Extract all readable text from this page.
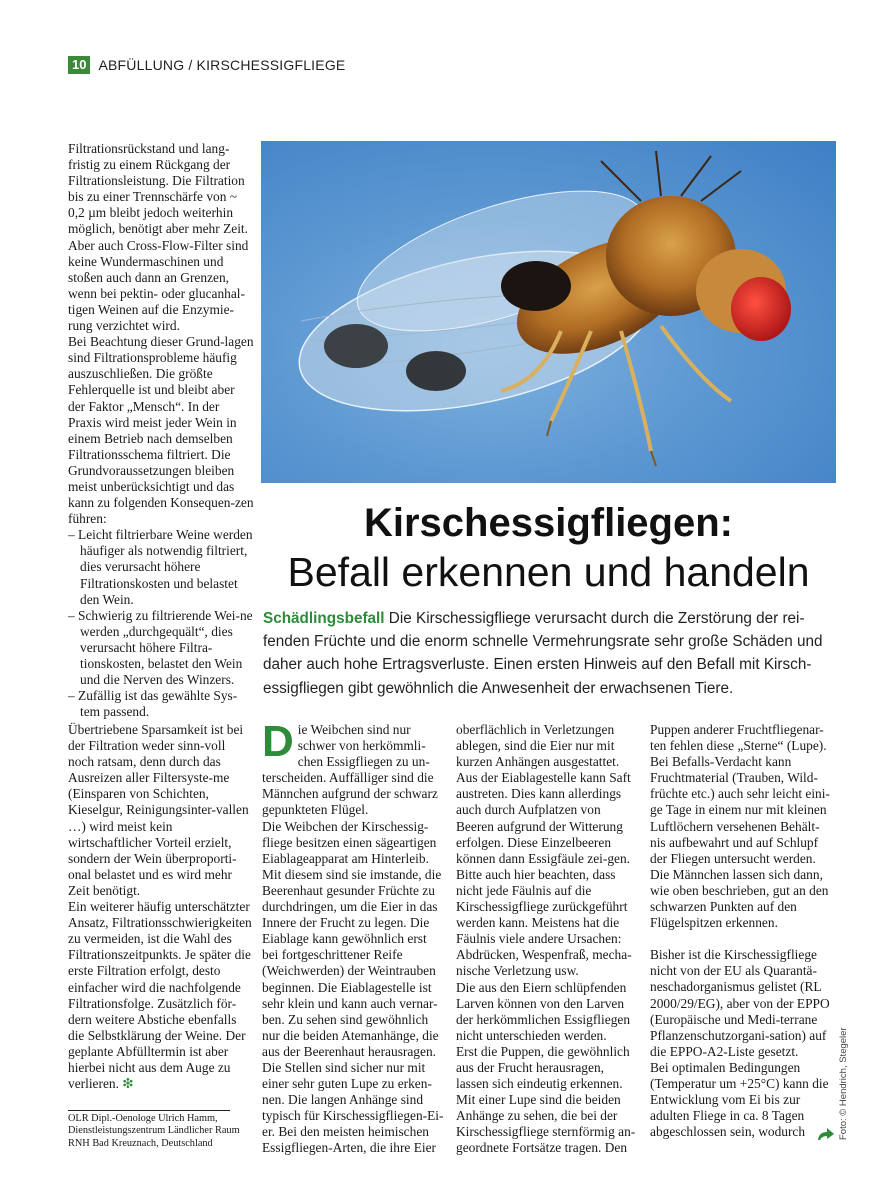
10 ABFÜLLUNG / KIRSCHESSIGFLIEGE

Filtrationsrückstand und lang-fristig zu einem Rückgang der Filtrationsleistung. Die Filtration bis zu einer Trennschärfe von ~ 0,2 µm bleibt jedoch weiterhin möglich, benötigt aber mehr Zeit. Aber auch Cross-Flow-Filter sind keine Wundermaschinen und stoßen auch dann an Grenzen, wenn bei pektin- oder glucanhal-tigen Weinen auf die Enzymie-rung verzichtet wird.

Bei Beachtung dieser Grund-lagen sind Filtrationsprobleme häufig auszuschließen. Die größte Fehlerquelle ist und bleibt aber der Faktor „Mensch“. In der Praxis wird meist jeder Wein in einem Betrieb nach demselben Filtrationsschema filtriert. Die Grundvoraussetzungen bleiben meist unberücksichtigt und das kann zu folgenden Konsequen-zen führen:

– Leicht filtrierbare Weine werden häufiger als notwendig filtriert, dies verursacht höhere Filtrationskosten und belastet den Wein.

– Schwierig zu filtrierende Wei-ne werden „durchgequält“, dies verursacht höhere Filtra-tionskosten, belastet den Wein und die Nerven des Winzers.

– Zufällig ist das gewählte Sys-tem passend.

Übertriebene Sparsamkeit ist bei der Filtration weder sinn-voll noch ratsam, denn durch das Ausreizen aller Filtersyste-me (Einsparen von Schichten, Kieselgur, Reinigungsinter-vallen …) wird meist kein wirtschaftlicher Vorteil erzielt, sondern der Wein überproporti-onal belastet und es wird mehr Zeit benötigt.

Ein weiterer häufig unterschätzter Ansatz, Filtrationsschwierigkeiten zu vermeiden, ist die Wahl des Filtrationszeitpunkts. Je später die erste Filtration erfolgt, desto einfacher wird die nachfolgende Filtrationsfolge. Zusätzlich för-dern weitere Abstiche ebenfalls die Selbstklärung der Weine. Der geplante Abfülltermin ist aber hierbei nicht aus dem Auge zu verlieren. ❇

OLR Dipl.-Oenologe Ulrich Hamm, Dienstleistungszentrum Ländlicher Raum RNH Bad Kreuznach, Deutschland
Kirschessigfliegen:
Befall erkennen und handeln
Schädlingsbefall Die Kirschessigfliege verursacht durch die Zerstörung der rei-fenden Früchte und die enorm schnelle Vermehrungsrate sehr große Schäden und daher auch hohe Ertragsverluste. Einen ersten Hinweis auf den Befall mit Kirsch-essigfliegen gibt gewöhnlich die Anwesenheit der erwachsenen Tiere.

Die Weibchen sind nur schwer von herkömmli-chen Essigfliegen zu un-terscheiden. Auffälliger sind die Männchen aufgrund der schwarz gepunkteten Flügel.

Die Weibchen der Kirschessig-fliege besitzen einen sägeartigen Eiablageapparat am Hinterleib. Mit diesem sind sie imstande, die Beerenhaut gesunder Früchte zu durchdringen, um die Eier in das Innere der Frucht zu legen. Die Eiablage kann gewöhnlich erst bei fortgeschrittener Reife (Weichwerden) der Weintrauben beginnen. Die Eiablagestelle ist sehr klein und kann auch vernar-ben. Zu sehen sind gewöhnlich nur die beiden Atemanhänge, die aus der Beerenhaut herausragen. Die Stellen sind sicher nur mit einer sehr guten Lupe zu erken-nen. Die langen Anhänge sind typisch für Kirschessigfliegen-Ei-er. Bei den meisten heimischen Essigfliegen-Arten, die ihre Eier

oberflächlich in Verletzungen ablegen, sind die Eier nur mit kurzen Anhängen ausgestattet. Aus der Eiablagestelle kann Saft austreten. Dies kann allerdings auch durch Aufplatzen von Beeren aufgrund der Witterung erfolgen. Diese Einzelbeeren können dann Essigfäule zei-gen. Bitte auch hier beachten, dass nicht jede Fäulnis auf die Kirschessigfliege zurückgeführt werden kann. Meistens hat die Fäulnis viele andere Ursachen: Abdrücken, Wespenfraß, mecha-nische Verletzung usw.

Die aus den Eiern schlüpfenden Larven können von den Larven der herkömmlichen Essigfliegen nicht unterschieden werden.

Erst die Puppen, die gewöhnlich aus der Frucht herausragen, lassen sich eindeutig erkennen. Mit einer Lupe sind die beiden Anhänge zu sehen, die bei der Kirschessigfliege sternförmig an-geordnete Fortsätze tragen. Den

Puppen anderer Fruchtfliegenar-ten fehlen diese „Sterne“ (Lupe). Bei Befalls-Verdacht kann Fruchtmaterial (Trauben, Wild-früchte etc.) auch sehr leicht eini-ge Tage in einem nur mit kleinen Luftlöchern versehenen Behält-nis aufbewahrt und auf Schlupf der Fliegen untersucht werden. Die Männchen lassen sich dann, wie oben beschrieben, gut an den schwarzen Punkten auf den Flügelspitzen erkennen.

Bisher ist die Kirschessigfliege nicht von der EU als Quarantä-neschadorganismus gelistet (RL 2000/29/EG), aber von der EPPO (Europäische und Medi-terrane Pflanzenschutzorgani-sation) auf die EPPO-A2-Liste gesetzt.

Bei optimalen Bedingungen (Temperatur um +25°C) kann die Entwicklung vom Ei bis zur adulten Fliege in ca. 8 Tagen abgeschlossen sein, wodurch	Foto: © Hendrich, Stegeler
